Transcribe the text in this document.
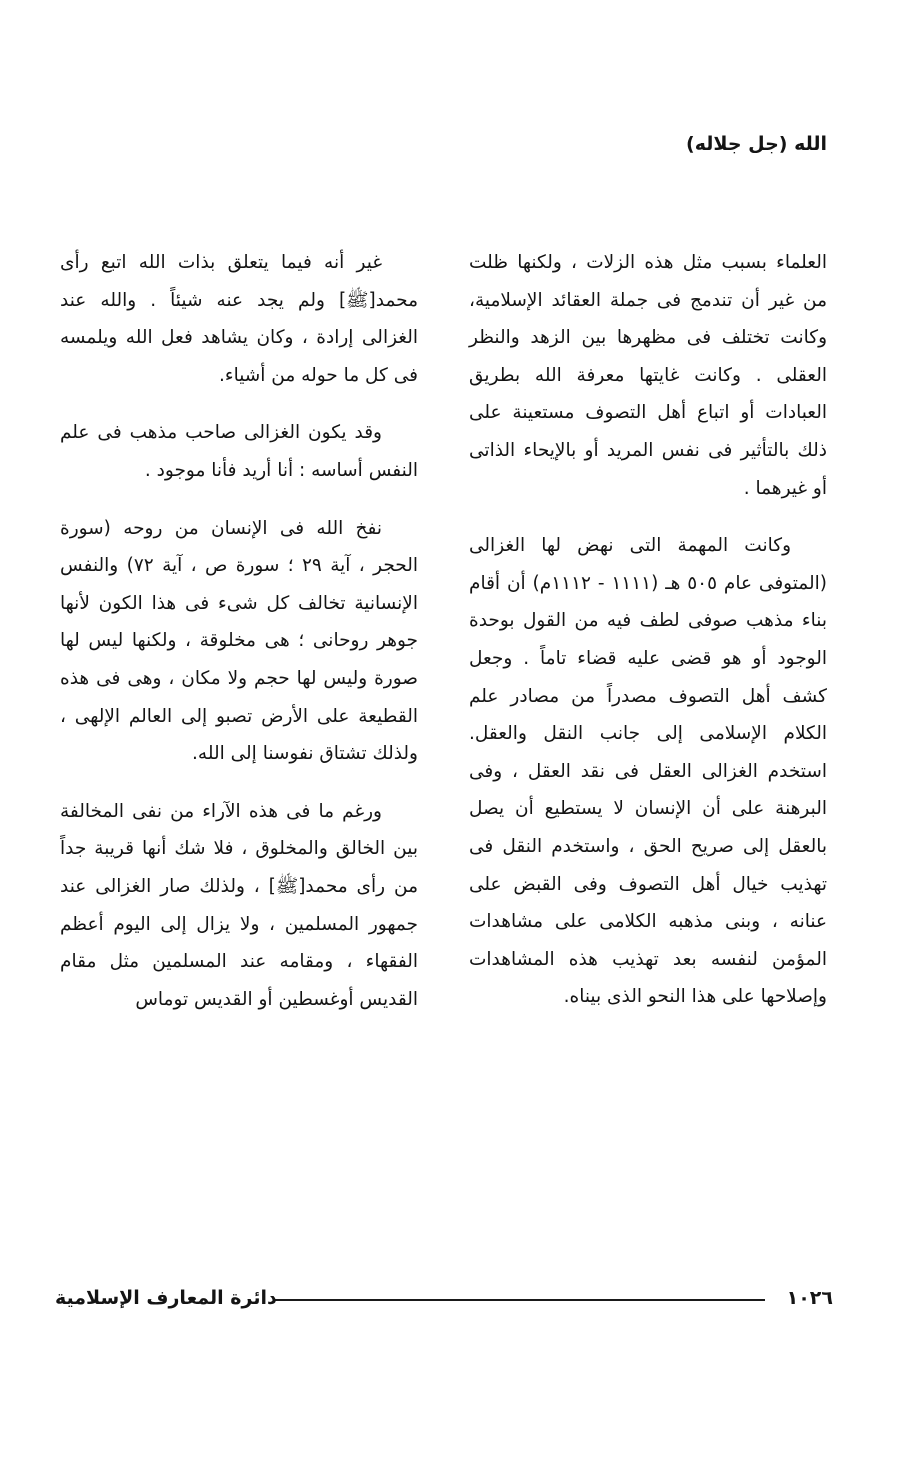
الله (جل جلاله)

العلماء بسبب مثل هذه الزلات ، ولكنها ظلت من غير أن تندمج فى جملة العقائد الإسلامية، وكانت تختلف فى مظهرها بين الزهد والنظر العقلى . وكانت غايتها معرفة الله بطريق العبادات أو اتباع أهل التصوف مستعينة على ذلك بالتأثير فى نفس المريد أو بالإيحاء الذاتى أو غيرهما .

وكانت المهمة التى نهض لها الغزالى (المتوفى عام ٥٠٥ هـ (١١١١ - ١١١٢م) أن أقام بناء مذهب صوفى لطف فيه من القول بوحدة الوجود أو هو قضى عليه قضاء تاماً . وجعل كشف أهل التصوف مصدراً من مصادر علم الكلام الإسلامى إلى جانب النقل والعقل. استخدم الغزالى العقل فى نقد العقل ، وفى البرهنة على أن الإنسان لا يستطيع أن يصل بالعقل إلى صريح الحق ، واستخدم النقل فى تهذيب خيال أهل التصوف وفى القبض على عنانه ، وبنى مذهبه الكلامى على مشاهدات المؤمن لنفسه بعد تهذيب هذه المشاهدات وإصلاحها على هذا النحو الذى بيناه.

غير أنه فيما يتعلق بذات الله اتبع رأى محمد[ﷺ] ولم يجد عنه شيئاً . والله عند الغزالى إرادة ، وكان يشاهد فعل الله ويلمسه فى كل ما حوله من أشياء.

وقد يكون الغزالى صاحب مذهب فى علم النفس أساسه : أنا أريد فأنا موجود .

نفخ الله فى الإنسان من روحه (سورة الحجر ، آية ٢٩ ؛ سورة ص ، آية ٧٢) والنفس الإنسانية تخالف كل شىء فى هذا الكون لأنها جوهر روحانى ؛ هى مخلوقة ، ولكنها ليس لها صورة وليس لها حجم ولا مكان ، وهى فى هذه القطيعة على الأرض تصبو إلى العالم الإلهى ، ولذلك تشتاق نفوسنا إلى الله.

ورغم ما فى هذه الآراء من نفى المخالفة بين الخالق والمخلوق ، فلا شك أنها قريبة جداً من رأى محمد[ﷺ] ، ولذلك صار الغزالى عند جمهور المسلمين ، ولا يزال إلى اليوم أعظم الفقهاء ، ومقامه عند المسلمين مثل مقام القديس أوغسطين أو القديس توماس

١٠٢٦
دائرة المعارف الإسلامية
